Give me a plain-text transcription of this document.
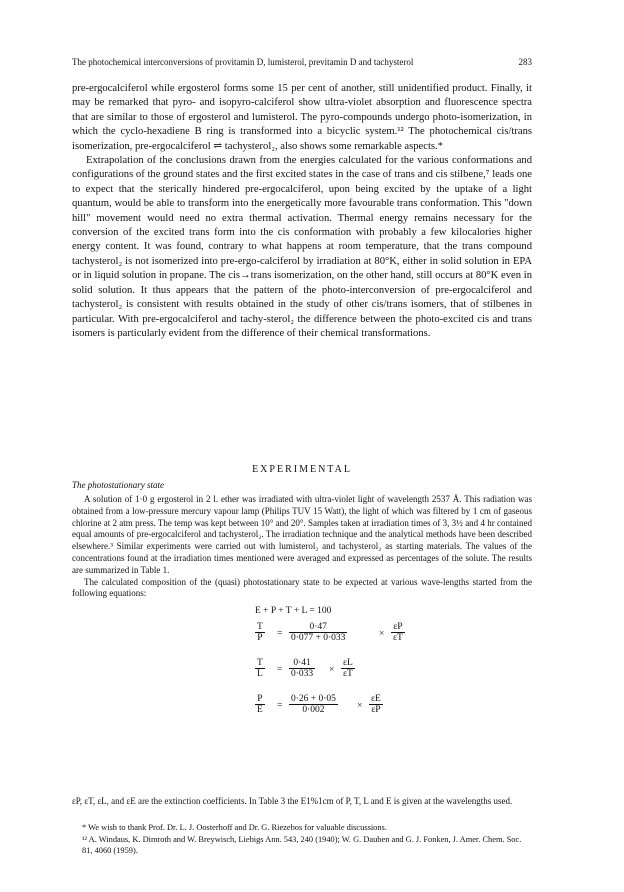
The photochemical interconversions of provitamin D, lumisterol, previtamin D and tachysterol	283

pre-ergocalciferol while ergosterol forms some 15 per cent of another, still unidentified product. Finally, it may be remarked that pyro- and isopyro-calciferol show ultra-violet absorption and fluorescence spectra that are similar to those of ergosterol and lumisterol. The pyro-compounds undergo photo-isomerization, in which the cyclo-hexadiene B ring is transformed into a bicyclic system.¹² The photochemical cis/trans isomerization, pre-ergocalciferol ⇌ tachysterol₂, also shows some remarkable aspects.*

Extrapolation of the conclusions drawn from the energies calculated for the various conformations and configurations of the ground states and the first excited states in the case of trans and cis stilbene,⁷ leads one to expect that the sterically hindered pre-ergocalciferol, upon being excited by the uptake of a light quantum, would be able to transform into the energetically more favourable trans conformation. This "down hill" movement would need no extra thermal activation. Thermal energy remains necessary for the conversion of the excited trans form into the cis conformation with probably a few kilocalories higher energy content. It was found, contrary to what happens at room temperature, that the trans compound tachysterol₂ is not isomerized into pre-ergo-calciferol by irradiation at 80°K, either in solid solution in EPA or in liquid solution in propane. The cis→trans isomerization, on the other hand, still occurs at 80°K even in solid solution. It thus appears that the pattern of the photo-interconversion of pre-ergocalciferol and tachysterol₂ is consistent with results obtained in the study of other cis/trans isomers, that of stilbenes in particular. With pre-ergocalciferol and tachy-sterol₂ the difference between the photo-excited cis and trans isomers is particularly evident from the difference of their chemical transformations.

EXPERIMENTAL
The photostationary state

A solution of 1·0 g ergosterol in 2 l. ether was irradiated with ultra-violet light of wavelength 2537 Å. This radiation was obtained from a low-pressure mercury vapour lamp (Philips TUV 15 Watt), the light of which was filtered by 1 cm of gaseous chlorine at 2 atm press. The temp was kept between 10° and 20°. Samples taken at irradiation times of 3, 3½ and 4 hr contained equal amounts of pre-ergocalciferol and tachysterol₂. The irradiation technique and the analytical methods have been described elsewhere.³ Similar experiments were carried out with lumisterol₂ and tachysterol₂ as starting materials. The values of the concentrations found at the irradiation times mentioned were averaged and expressed as percentages of the solute. The results are summarized in Table 1.

The calculated composition of the (quasi) photostationary state to be expected at various wave-lengths started from the following equations:

E + P + T + L = 100
$\frac{T}{P} = \frac{0\cdot 47}{0\cdot 077 + 0\cdot 033}$	× $\frac{\varepsilon P}{\varepsilon T}$
$\frac{T}{L} = \frac{0\cdot 41}{0\cdot 033} \times \frac{\varepsilon L}{\varepsilon T}$
$\frac{P}{E} = \frac{0\cdot 26 + 0\cdot 05}{0\cdot 002} \times \frac{\varepsilon E}{\varepsilon P}$
εP, εT, εL, and εE are the extinction coefficients. In Table 3 the E1%1cm of P, T, L and E is given at the wavelengths used.

* We wish to thank Prof. Dr. L. J. Oosterhoff and Dr. G. Riezebos for valuable discussions.

¹² A. Windaus, K. Dimroth and W. Breywisch, Liebigs Ann. 543, 240 (1940); W. G. Dauben and G. J. Fonken, J. Amer. Chem. Soc. 81, 4060 (1959).
